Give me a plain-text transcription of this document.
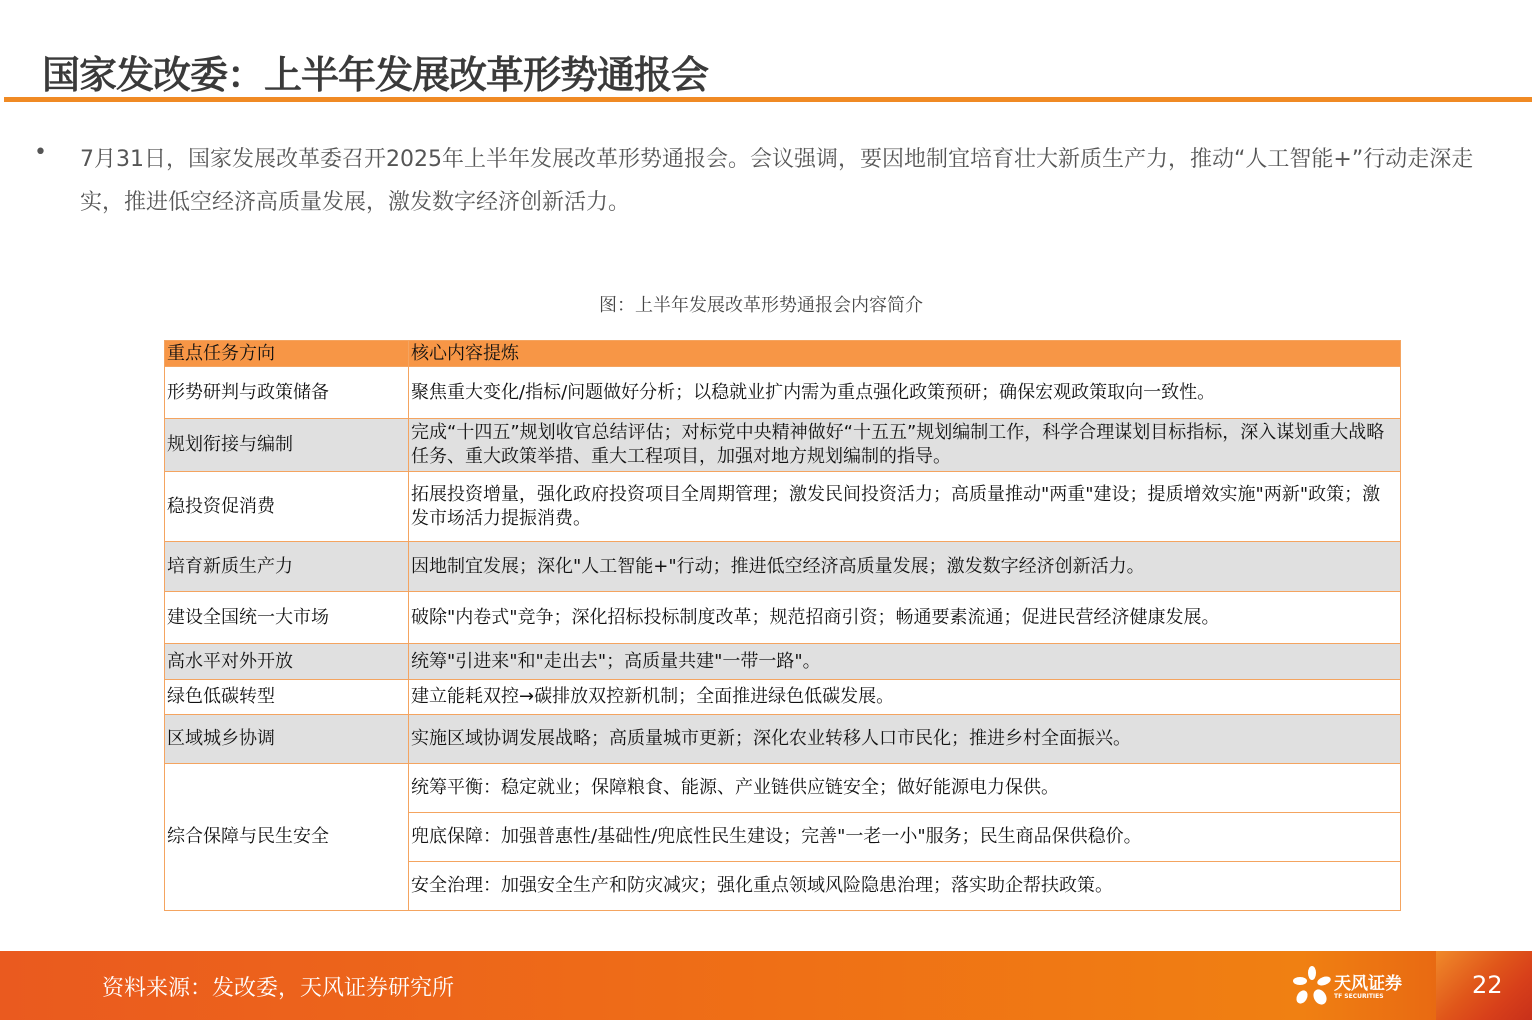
国家发改委：上半年发展改革形势通报会
• 7月31日，国家发展改革委召开2025年上半年发展改革形势通报会。会议强调，要因地制宜培育壮大新质生产力，推动“人工智能+”行动走深走实，推进低空经济高质量发展，激发数字经济创新活力。
图：上半年发展改革形势通报会内容简介
重点任务方向	核心内容提炼
形势研判与政策储备	聚焦重大变化/指标/问题做好分析；以稳就业扩内需为重点强化政策预研；确保宏观政策取向一致性。
规划衔接与编制	完成“十四五”规划收官总结评估；对标党中央精神做好“十五五”规划编制工作，科学合理谋划目标指标，深入谋划重大战略任务、重大政策举措、重大工程项目，加强对地方规划编制的指导。
稳投资促消费	拓展投资增量，强化政府投资项目全周期管理；激发民间投资活力；高质量推动"两重"建设；提质增效实施"两新"政策；激发市场活力提振消费。
培育新质生产力	因地制宜发展；深化"人工智能+"行动；推进低空经济高质量发展；激发数字经济创新活力。
建设全国统一大市场	破除"内卷式"竞争；深化招标投标制度改革；规范招商引资；畅通要素流通；促进民营经济健康发展。
高水平对外开放	统筹"引进来"和"走出去"；高质量共建"一带一路"。
绿色低碳转型	建立能耗双控→碳排放双控新机制；全面推进绿色低碳发展。
区域城乡协调	实施区域协调发展战略；高质量城市更新；深化农业转移人口市民化；推进乡村全面振兴。
综合保障与民生安全	统筹平衡：稳定就业；保障粮食、能源、产业链供应链安全；做好能源电力保供。
	兜底保障：加强普惠性/基础性/兜底性民生建设；完善"一老一小"服务；民生商品保供稳价。
	安全治理：加强安全生产和防灾减灾；强化重点领域风险隐患治理；落实助企帮扶政策。
资料来源：发改委，天风证券研究所	天风证券
TF SECURITIES	22
